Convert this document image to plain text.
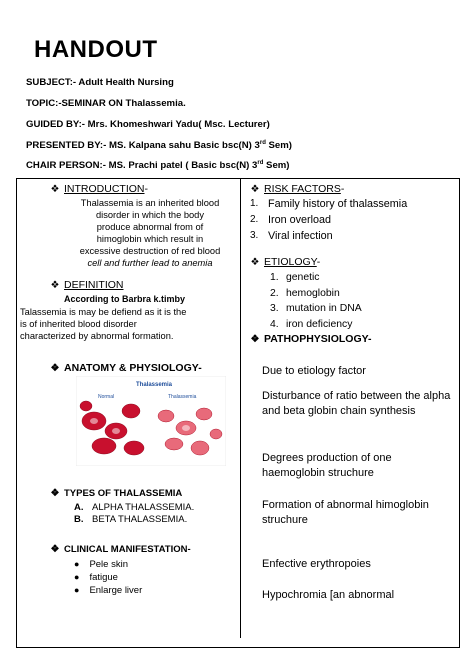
HANDOUT
SUBJECT:- Adult Health Nursing
TOPIC:-SEMINAR ON Thalassemia.
GUIDED BY:- Mrs. Khomeshwari Yadu( Msc. Lecturer)
PRESENTED BY:- MS. Kalpana sahu Basic bsc(N) 3rd Sem)
CHAIR PERSON:- MS. Prachi patel ( Basic bsc(N) 3rd Sem)
❖ INTRODUCTION-
Thalassemia is an inherited blood
disorder in which the body
produce abnormal from of
himoglobin which result in
excessive destruction of red blood
cell and further lead to anemia
❖ DEFINITION
According to Barbra k.timby
Talassemia is may be defiend as it is the
is of inherited blood disorder
characterized by abnormal formation.
❖ ANATOMY & PHYSIOLOGY-
Thalassemia
Normal	Thalassemia
❖ TYPES OF THALASSEMIA
A. ALPHA THALASSEMIA.
B. BETA THALASSEMIA.
❖ CLINICAL MANIFESTATION-
● Pele skin
● fatigue
● Enlarge liver
❖ RISK FACTORS-
1. Family history of thalassemia
2. Iron overload
3. Viral infection
❖ ETIOLOGY-
1. genetic
2. hemoglobin
3. mutation in DNA
4. iron deficiency
❖ PATHOPHYSIOLOGY-
Due to etiology factor
Disturbance of ratio between the alpha and beta globin chain synthesis
Degrees production of one haemoglobin struchure
Formation of abnormal himoglobin struchure
Enfective erythropoies
Hypochromia [an abnormal
